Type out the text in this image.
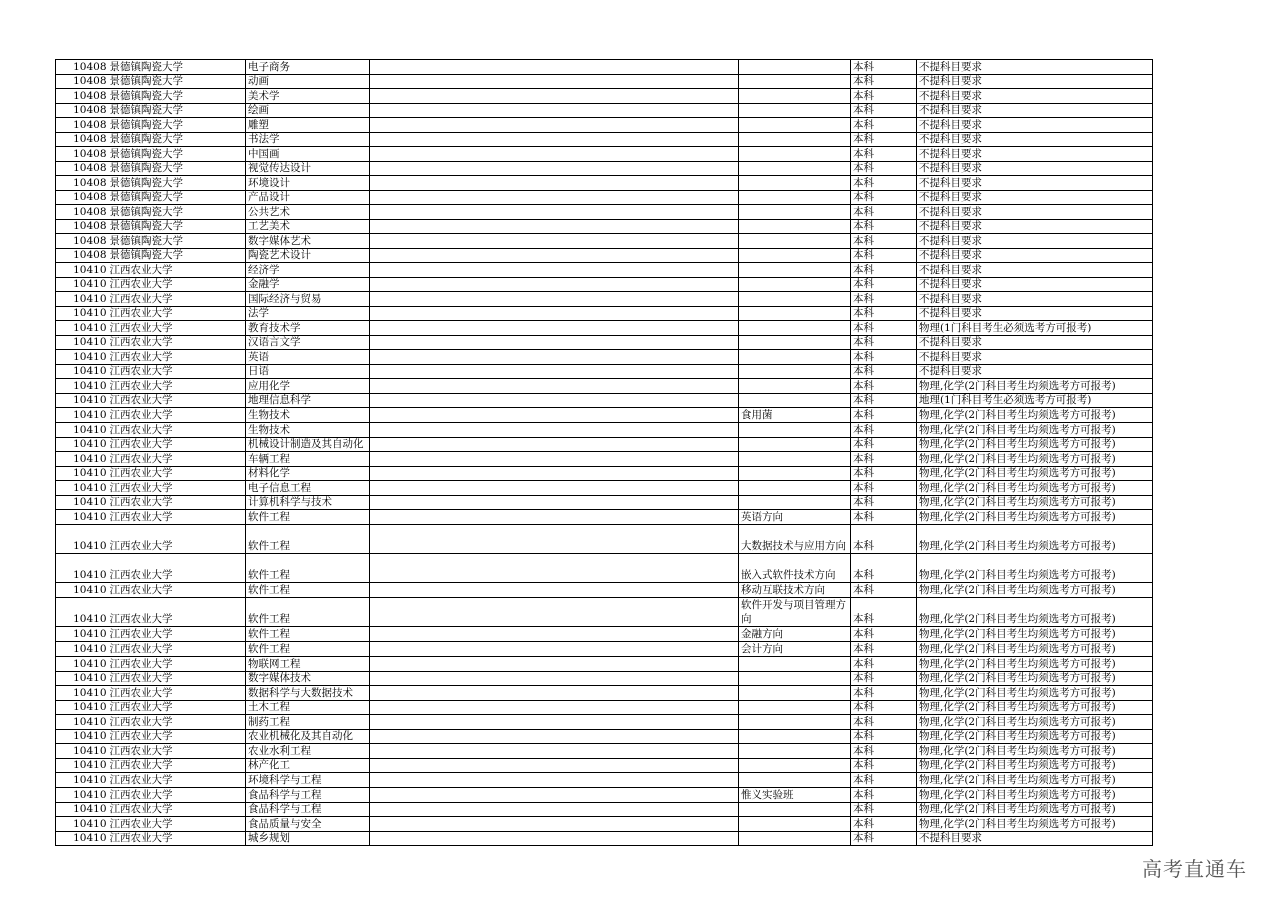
10408	景德镇陶瓷大学	电子商务			本科	不提科目要求
10408	景德镇陶瓷大学	动画			本科	不提科目要求
10408	景德镇陶瓷大学	美术学			本科	不提科目要求
10408	景德镇陶瓷大学	绘画			本科	不提科目要求
10408	景德镇陶瓷大学	雕塑			本科	不提科目要求
10408	景德镇陶瓷大学	书法学			本科	不提科目要求
10408	景德镇陶瓷大学	中国画			本科	不提科目要求
10408	景德镇陶瓷大学	视觉传达设计			本科	不提科目要求
10408	景德镇陶瓷大学	环境设计			本科	不提科目要求
10408	景德镇陶瓷大学	产品设计			本科	不提科目要求
10408	景德镇陶瓷大学	公共艺术			本科	不提科目要求
10408	景德镇陶瓷大学	工艺美术			本科	不提科目要求
10408	景德镇陶瓷大学	数字媒体艺术			本科	不提科目要求
10408	景德镇陶瓷大学	陶瓷艺术设计			本科	不提科目要求
10410	江西农业大学	经济学			本科	不提科目要求
10410	江西农业大学	金融学			本科	不提科目要求
10410	江西农业大学	国际经济与贸易			本科	不提科目要求
10410	江西农业大学	法学			本科	不提科目要求
10410	江西农业大学	教育技术学			本科	物理(1门科目考生必须选考方可报考)
10410	江西农业大学	汉语言文学			本科	不提科目要求
10410	江西农业大学	英语			本科	不提科目要求
10410	江西农业大学	日语			本科	不提科目要求
10410	江西农业大学	应用化学			本科	物理,化学(2门科目考生均须选考方可报考)
10410	江西农业大学	地理信息科学			本科	地理(1门科目考生必须选考方可报考)
10410	江西农业大学	生物技术		食用菌	本科	物理,化学(2门科目考生均须选考方可报考)
10410	江西农业大学	生物技术			本科	物理,化学(2门科目考生均须选考方可报考)
10410	江西农业大学	机械设计制造及其自动化			本科	物理,化学(2门科目考生均须选考方可报考)
10410	江西农业大学	车辆工程			本科	物理,化学(2门科目考生均须选考方可报考)
10410	江西农业大学	材料化学			本科	物理,化学(2门科目考生均须选考方可报考)
10410	江西农业大学	电子信息工程			本科	物理,化学(2门科目考生均须选考方可报考)
10410	江西农业大学	计算机科学与技术			本科	物理,化学(2门科目考生均须选考方可报考)
10410	江西农业大学	软件工程		英语方向	本科	物理,化学(2门科目考生均须选考方可报考)
10410	江西农业大学	软件工程		大数据技术与应用方向	本科	物理,化学(2门科目考生均须选考方可报考)
10410	江西农业大学	软件工程		嵌入式软件技术方向	本科	物理,化学(2门科目考生均须选考方可报考)
10410	江西农业大学	软件工程		移动互联技术方向	本科	物理,化学(2门科目考生均须选考方可报考)
10410	江西农业大学	软件工程		软件开发与项目管理方向	本科	物理,化学(2门科目考生均须选考方可报考)
10410	江西农业大学	软件工程		金融方向	本科	物理,化学(2门科目考生均须选考方可报考)
10410	江西农业大学	软件工程		会计方向	本科	物理,化学(2门科目考生均须选考方可报考)
10410	江西农业大学	物联网工程			本科	物理,化学(2门科目考生均须选考方可报考)
10410	江西农业大学	数字媒体技术			本科	物理,化学(2门科目考生均须选考方可报考)
10410	江西农业大学	数据科学与大数据技术			本科	物理,化学(2门科目考生均须选考方可报考)
10410	江西农业大学	土木工程			本科	物理,化学(2门科目考生均须选考方可报考)
10410	江西农业大学	制药工程			本科	物理,化学(2门科目考生均须选考方可报考)
10410	江西农业大学	农业机械化及其自动化			本科	物理,化学(2门科目考生均须选考方可报考)
10410	江西农业大学	农业水利工程			本科	物理,化学(2门科目考生均须选考方可报考)
10410	江西农业大学	林产化工			本科	物理,化学(2门科目考生均须选考方可报考)
10410	江西农业大学	环境科学与工程			本科	物理,化学(2门科目考生均须选考方可报考)
10410	江西农业大学	食品科学与工程		惟义实验班	本科	物理,化学(2门科目考生均须选考方可报考)
10410	江西农业大学	食品科学与工程			本科	物理,化学(2门科目考生均须选考方可报考)
10410	江西农业大学	食品质量与安全			本科	物理,化学(2门科目考生均须选考方可报考)
10410	江西农业大学	城乡规划			本科	不提科目要求
高考直通车
